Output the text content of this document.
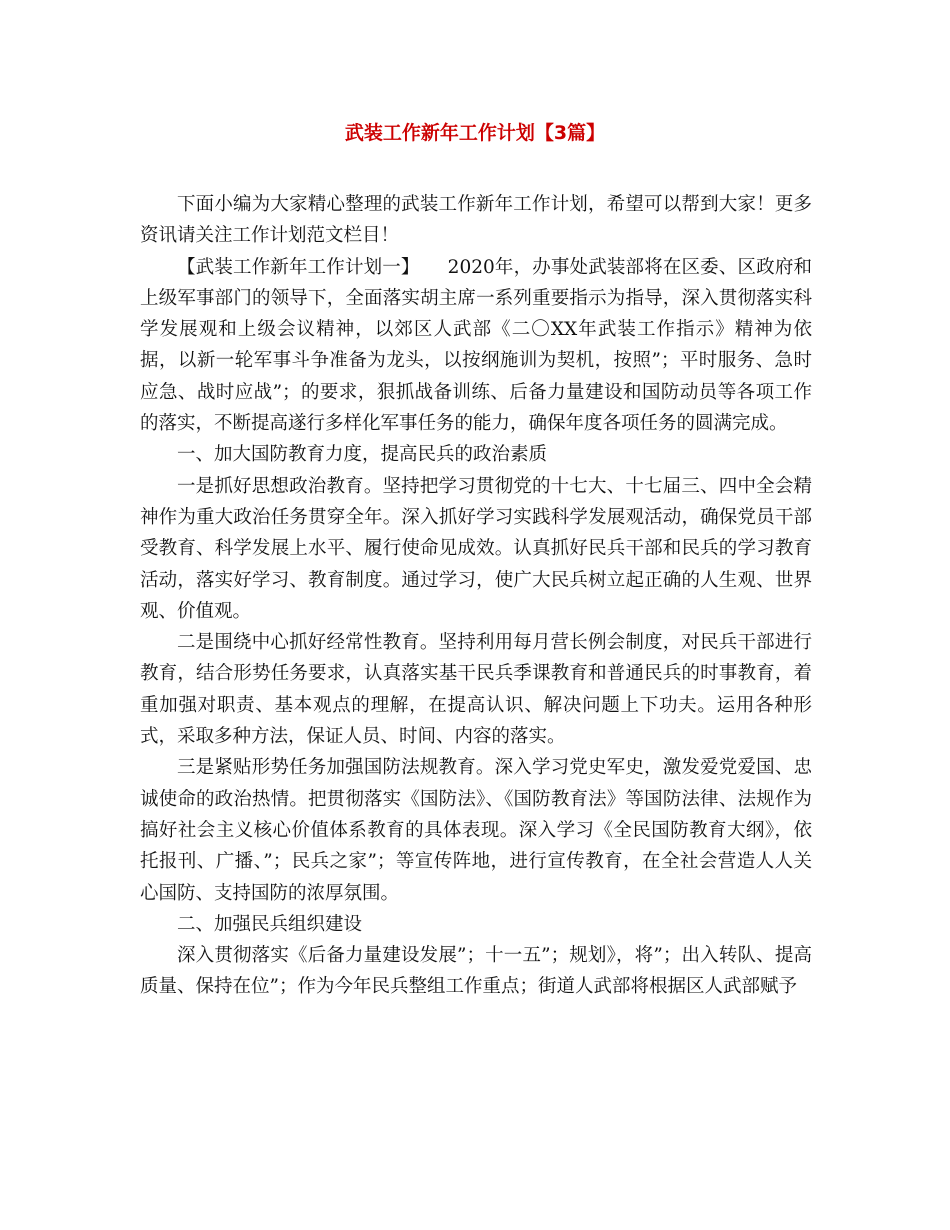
武装工作新年工作计划【3篇】

下面小编为大家精心整理的武装工作新年工作计划，希望可以帮到大家！更多资讯请关注工作计划范文栏目！

【武装工作新年工作计划一】　　2020年，办事处武装部将在区委、区政府和上级军事部门的领导下，全面落实胡主席一系列重要指示为指导，深入贯彻落实科学发展观和上级会议精神，以郊区人武部《二〇XX年武装工作指示》精神为依据，以新一轮军事斗争准备为龙头，以按纲施训为契机，按照”；平时服务、急时应急、战时应战”；的要求，狠抓战备训练、后备力量建设和国防动员等各项工作的落实，不断提高遂行多样化军事任务的能力，确保年度各项任务的圆满完成。

一、加大国防教育力度，提高民兵的政治素质

一是抓好思想政治教育。坚持把学习贯彻党的十七大、十七届三、四中全会精神作为重大政治任务贯穿全年。深入抓好学习实践科学发展观活动，确保党员干部受教育、科学发展上水平、履行使命见成效。认真抓好民兵干部和民兵的学习教育活动，落实好学习、教育制度。通过学习，使广大民兵树立起正确的人生观、世界观、价值观。

二是围绕中心抓好经常性教育。坚持利用每月营长例会制度，对民兵干部进行教育，结合形势任务要求，认真落实基干民兵季课教育和普通民兵的时事教育，着重加强对职责、基本观点的理解，在提高认识、解决问题上下功夫。运用各种形式，采取多种方法，保证人员、时间、内容的落实。

三是紧贴形势任务加强国防法规教育。深入学习党史军史，激发爱党爱国、忠诚使命的政治热情。把贯彻落实《国防法》、《国防教育法》等国防法律、法规作为搞好社会主义核心价值体系教育的具体表现。深入学习《全民国防教育大纲》，依托报刊、广播、”；民兵之家”；等宣传阵地，进行宣传教育，在全社会营造人人关心国防、支持国防的浓厚氛围。

二、加强民兵组织建设

深入贯彻落实《后备力量建设发展”；十一五”；规划》，将”；出入转队、提高质量、保持在位”；作为今年民兵整组工作重点；街道人武部将根据区人武部赋予
